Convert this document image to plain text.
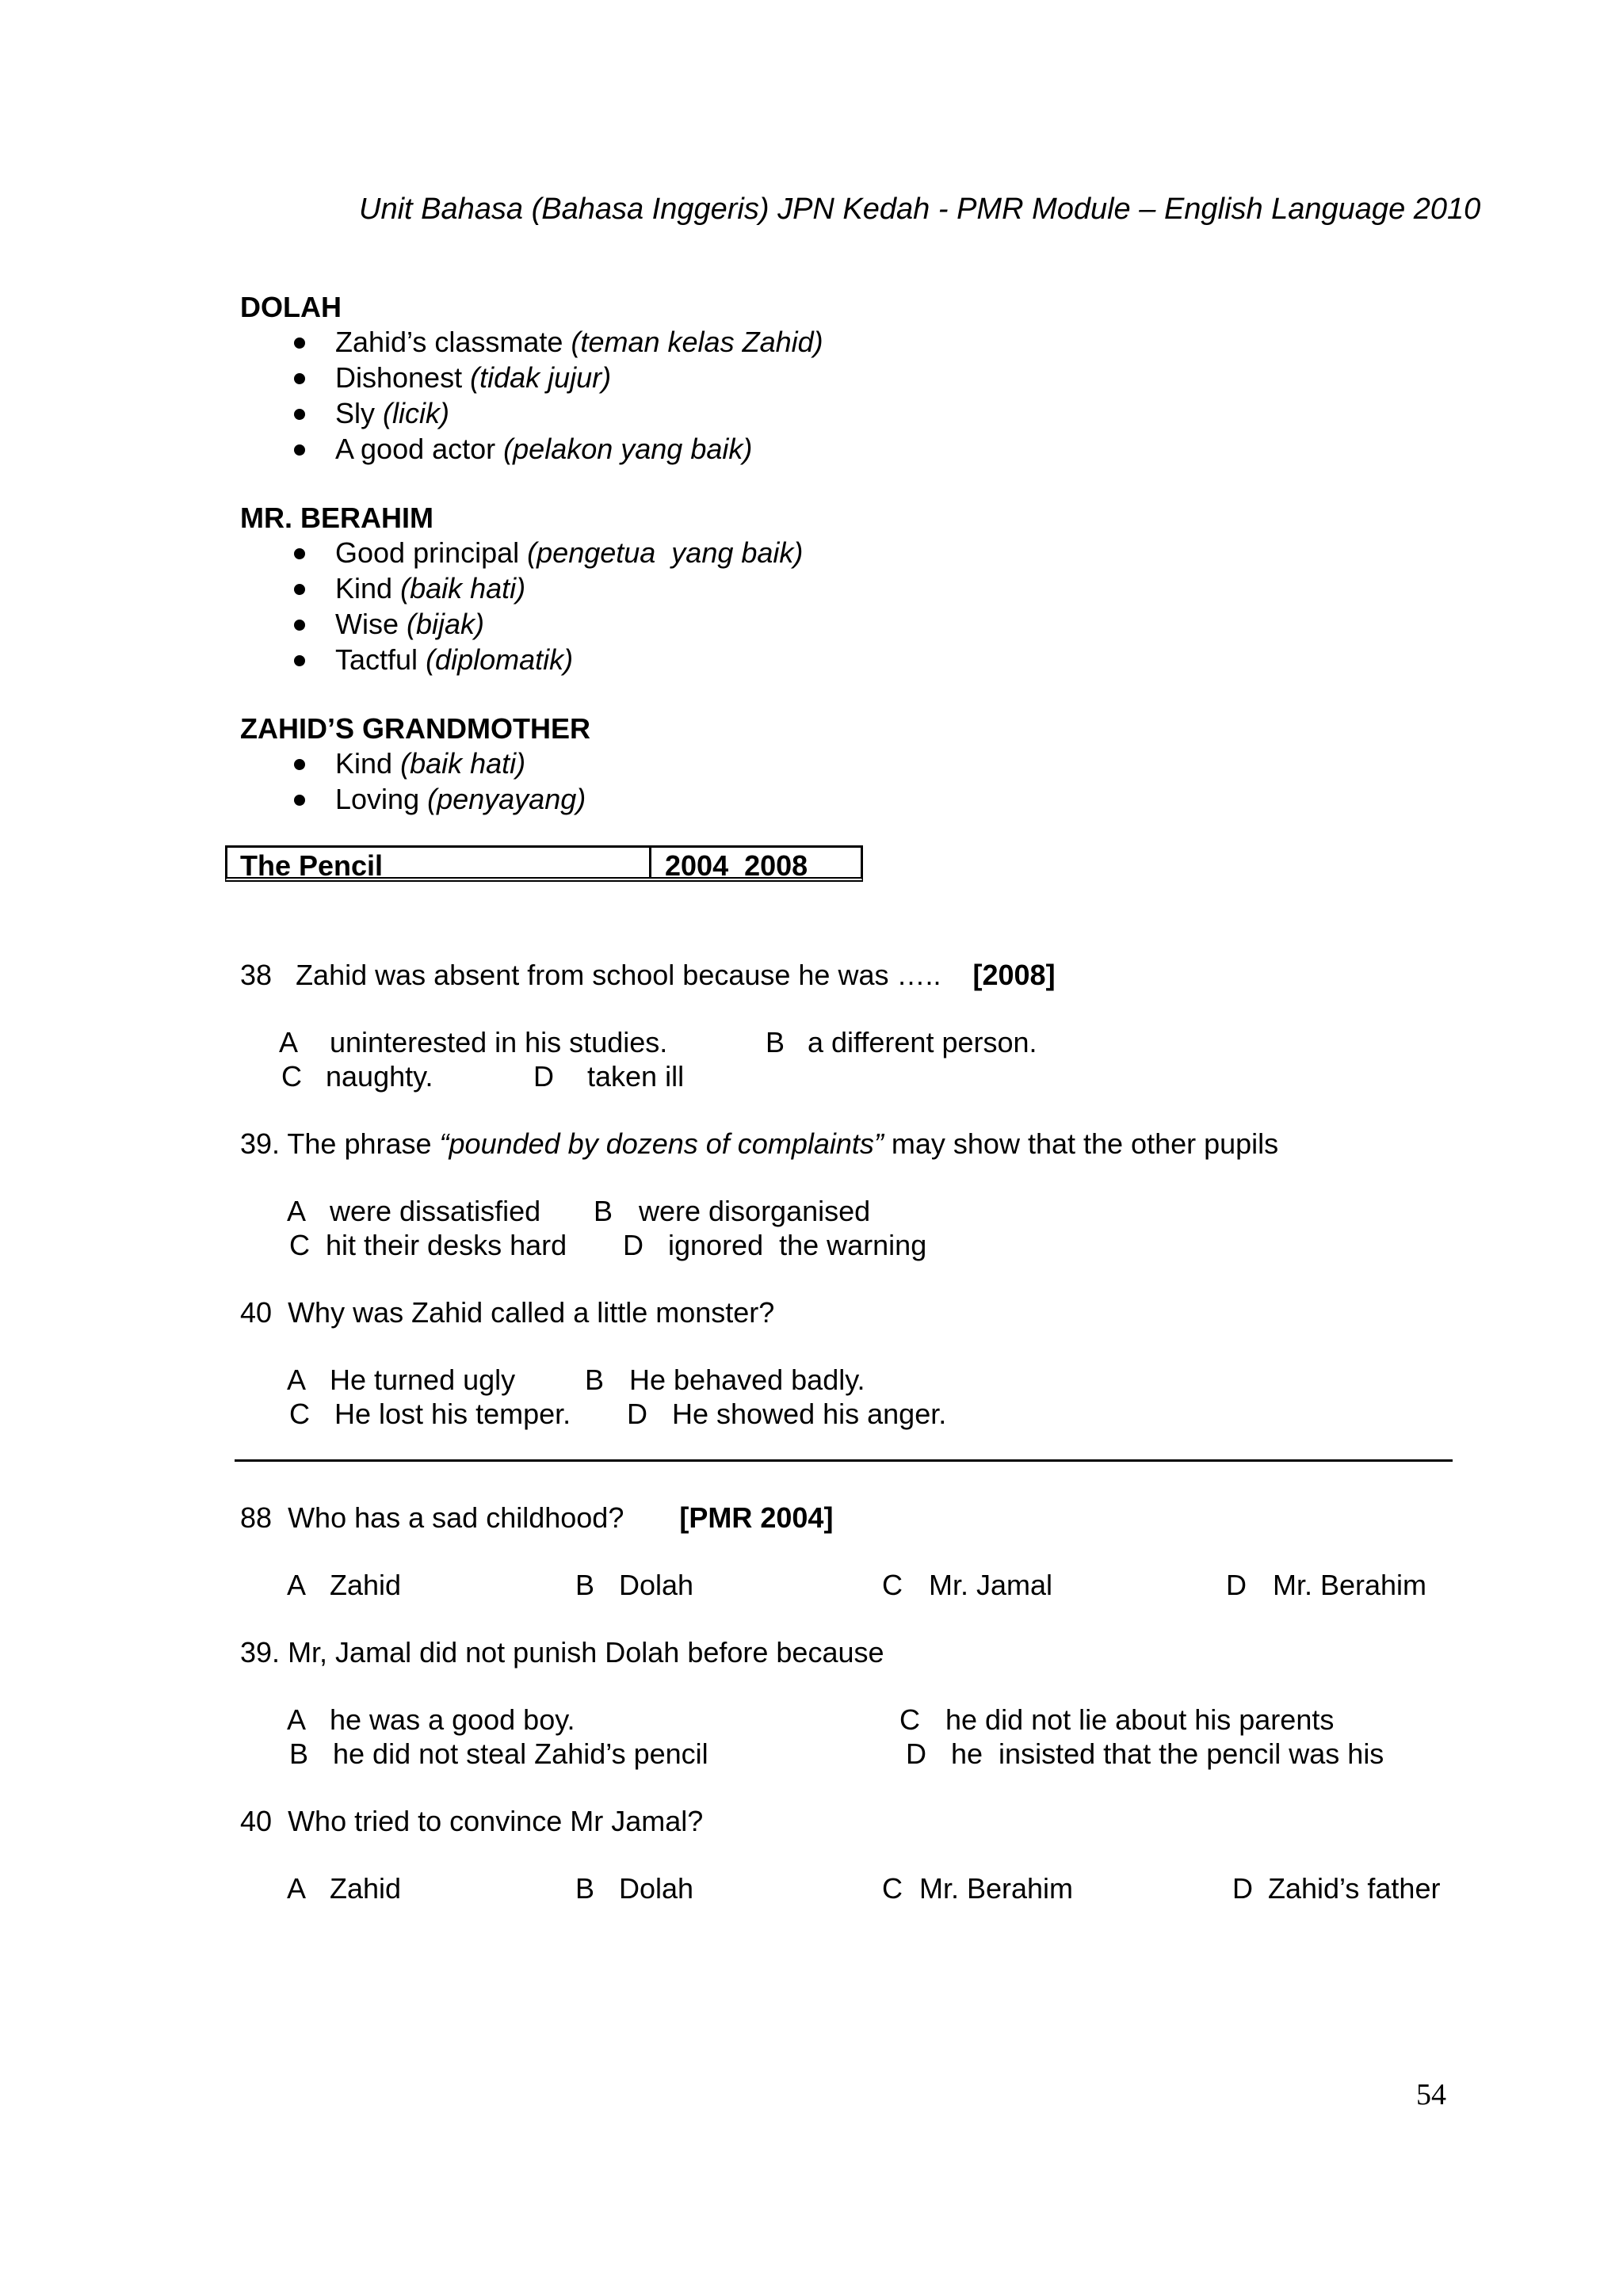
Unit Bahasa (Bahasa Inggeris) JPN Kedah - PMR Module – English Language 2010
DOLAH
Zahid’s classmate (teman kelas Zahid)
Dishonest (tidak jujur)
Sly (licik)
A good actor (pelakon yang baik)
MR. BERAHIM
Good principal (pengetua  yang baik)
Kind (baik hati)
Wise (bijak)
Tactful (diplomatik)
ZAHID’S GRANDMOTHER
Kind (baik hati)
Loving (penyayang)
The Pencil	2004  2008
38 Zahid was absent from school because he was ….. [2008]
A uninterested in his studies.	B a different person.
C naughty.	D taken ill
39. The phrase “pounded by dozens of complaints” may show that the other pupils
A were dissatisfied B were disorganised
C hit their desks hard D ignored  the warning
40 Why was Zahid called a little monster?
A He turned ugly B He behaved badly.
C He lost his temper. D He showed his anger.
88 Who has a sad childhood? [PMR 2004]
A Zahid	B Dolah	C Mr. Jamal	D Mr. Berahim
39. Mr, Jamal did not punish Dolah before because
A he was a good boy.	C he did not lie about his parents
B he did not steal Zahid’s pencil	D he  insisted that the pencil was his
40 Who tried to convince Mr Jamal?
A Zahid	B Dolah	C Mr. Berahim	D Zahid’s father
54
